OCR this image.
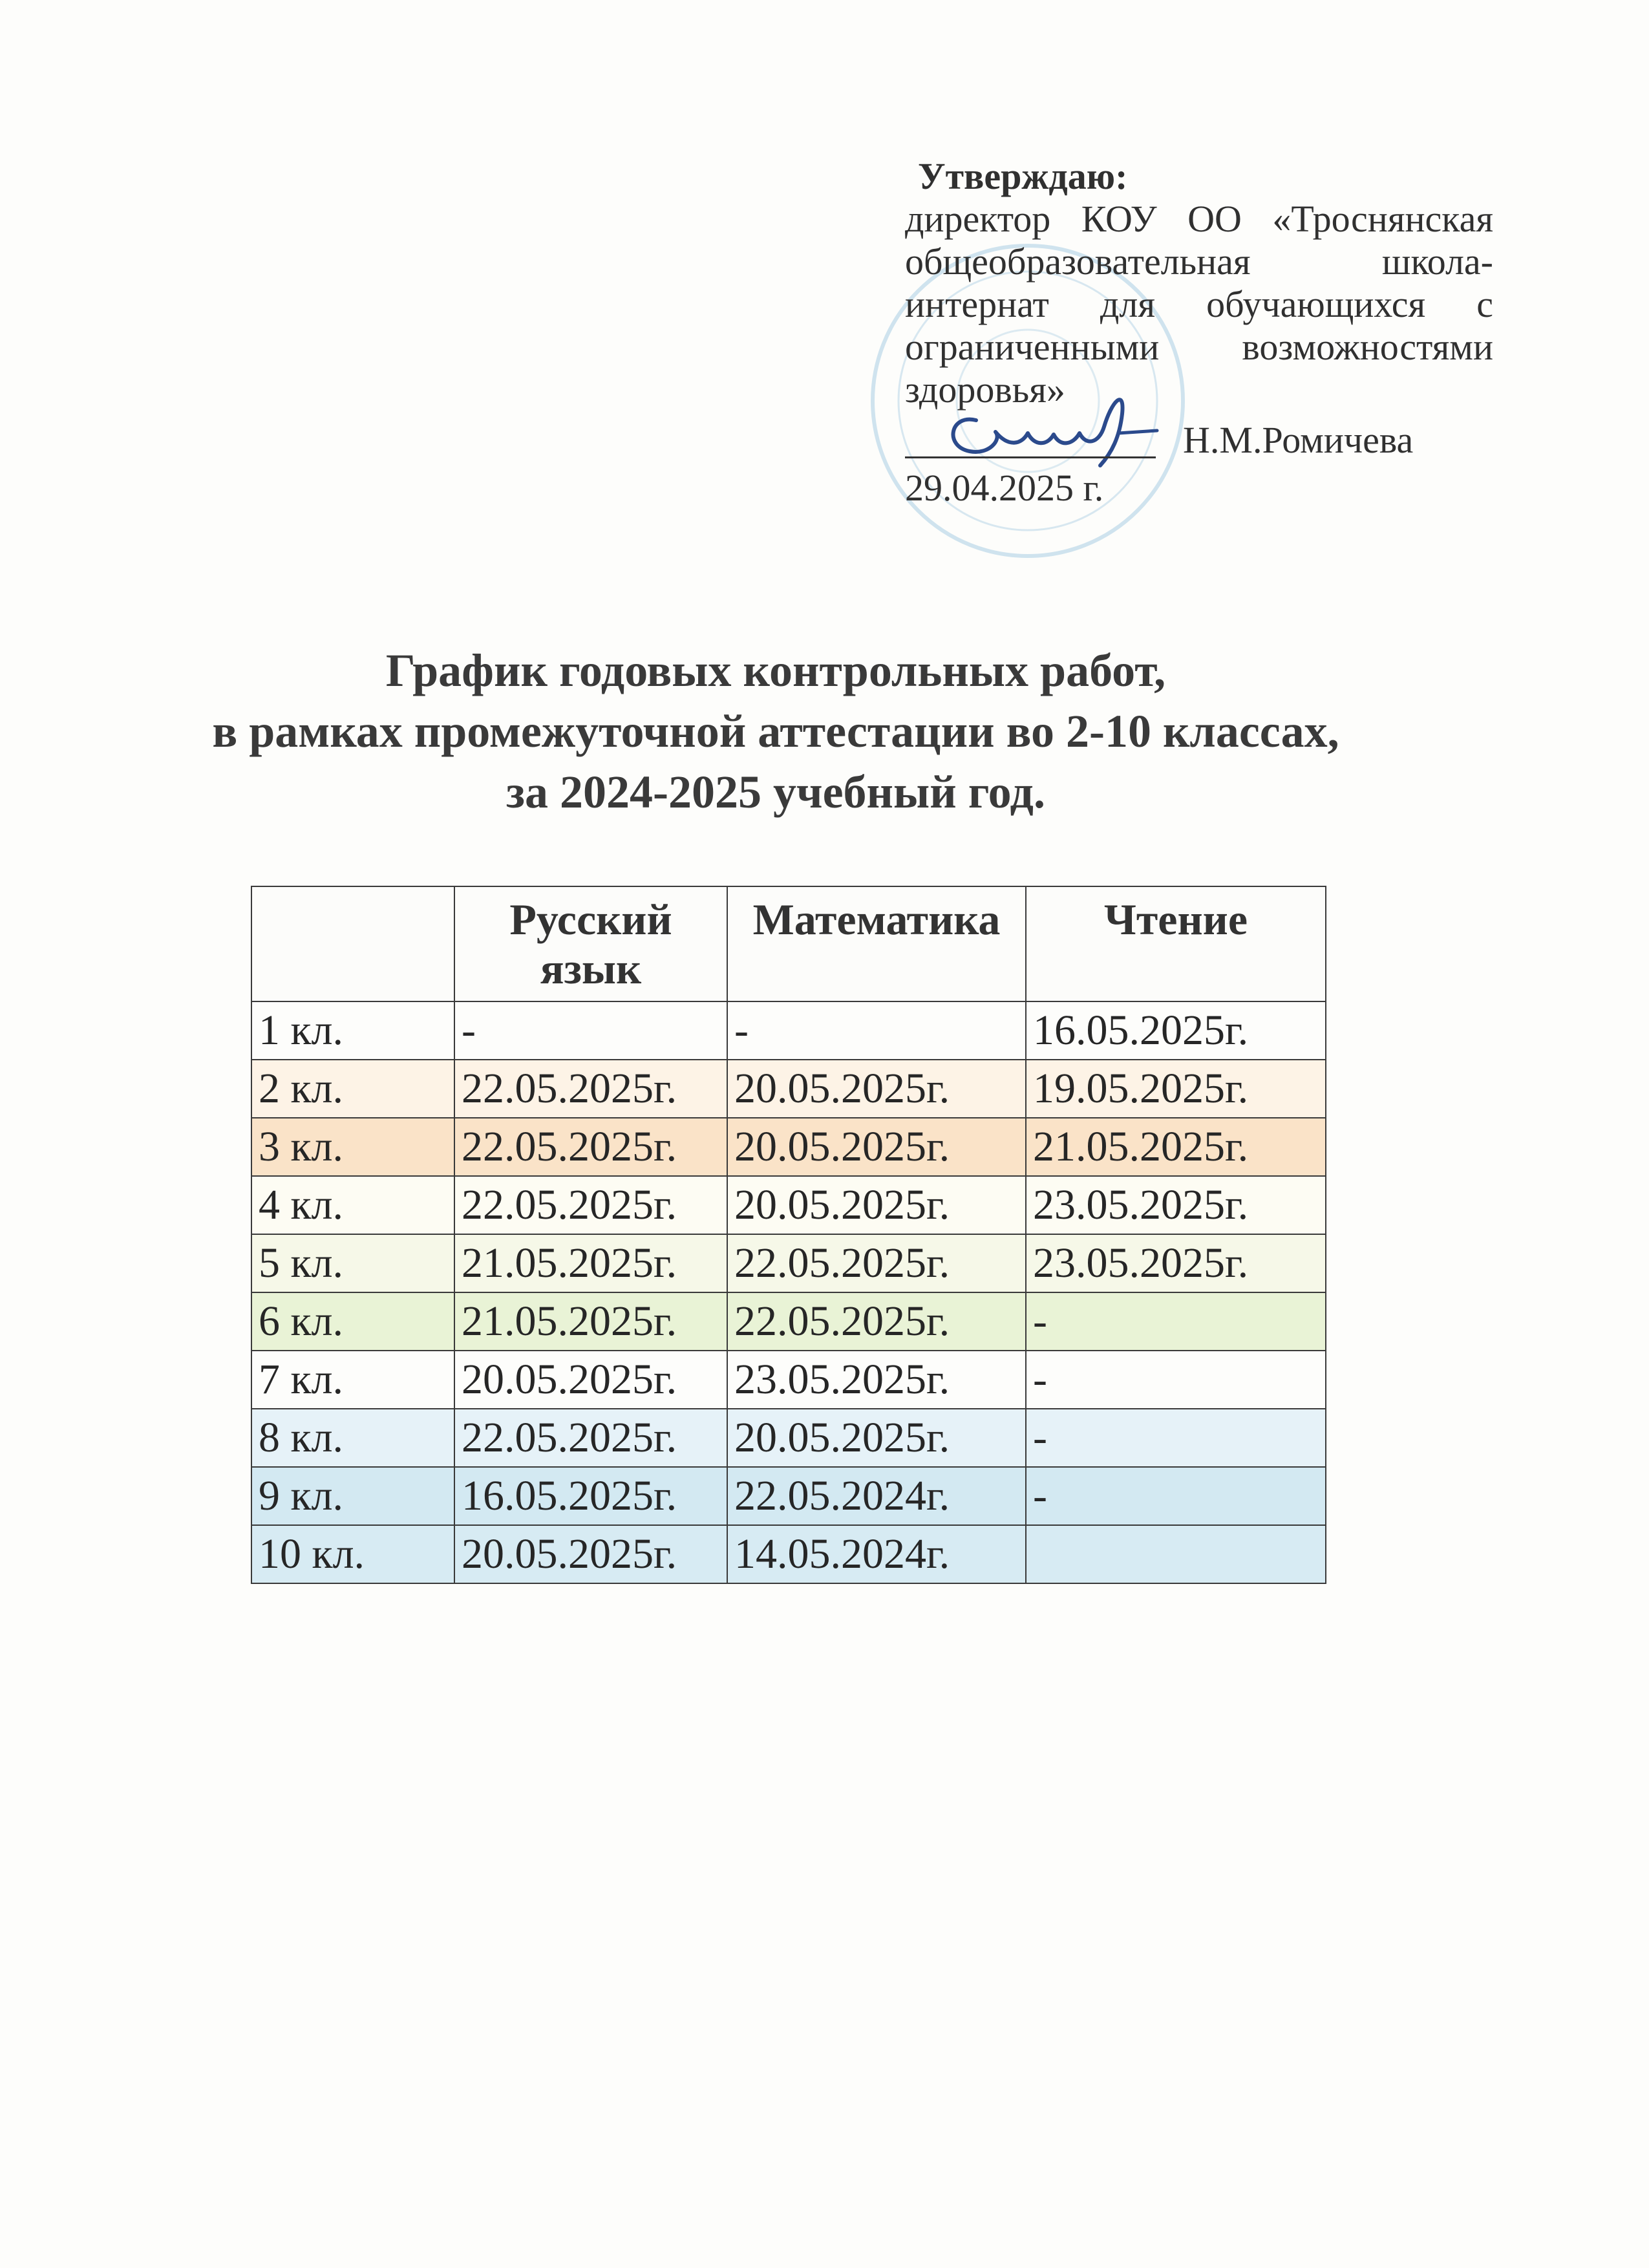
Утверждаю:
директор КОУ ОО «Троснянская
общеобразовательная школа-
интернат для обучающихся с
ограниченными возможностями
здоровья»
Н.М.Ромичева
29.04.2025 г.
График годовых контрольных работ,
в рамках промежуточной аттестации во 2-10 классах,
за 2024-2025 учебный год.
	Русский язык	Математика	Чтение
1 кл.	-	-	16.05.2025г.
2 кл.	22.05.2025г.	20.05.2025г.	19.05.2025г.
3 кл.	22.05.2025г.	20.05.2025г.	21.05.2025г.
4 кл.	22.05.2025г.	20.05.2025г.	23.05.2025г.
5 кл.	21.05.2025г.	22.05.2025г.	23.05.2025г.
6 кл.	21.05.2025г.	22.05.2025г.	-
7 кл.	20.05.2025г.	23.05.2025г.	-
8 кл.	22.05.2025г.	20.05.2025г.	-
9 кл.	16.05.2025г.	22.05.2024г.	-
10 кл.	20.05.2025г.	14.05.2024г.	
